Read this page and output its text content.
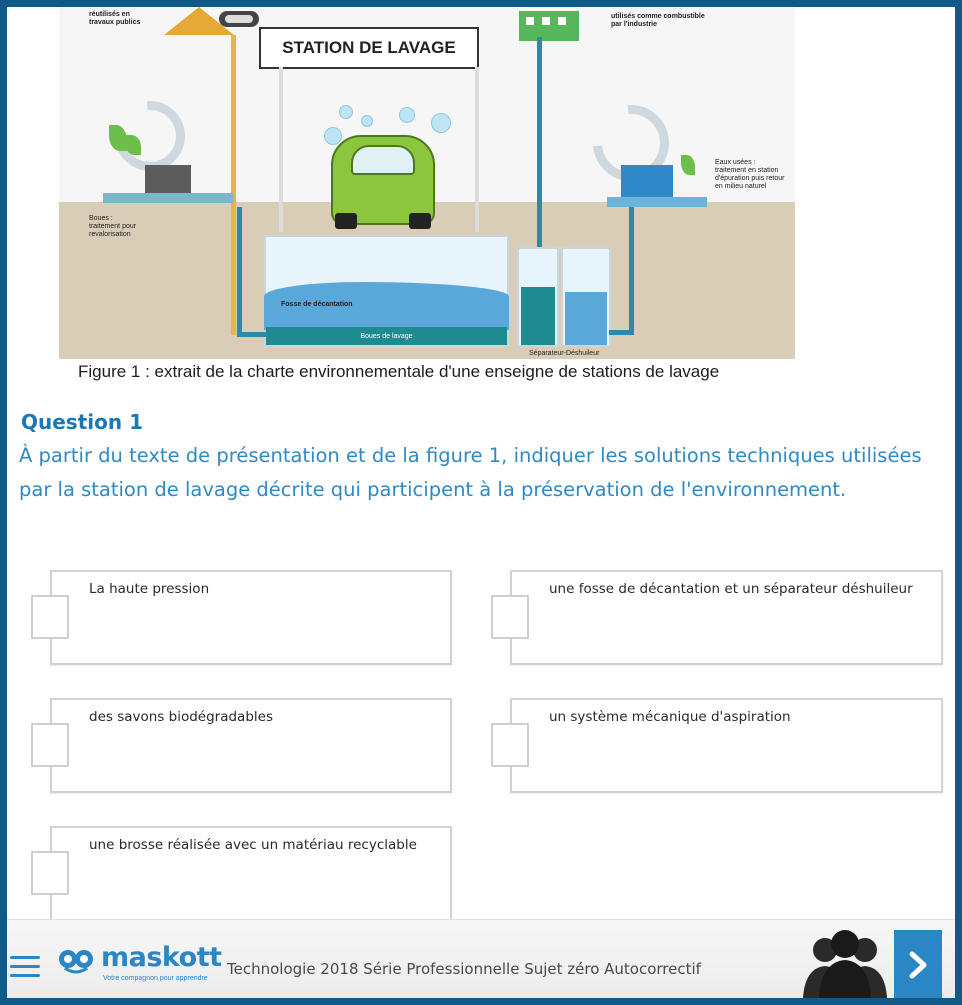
réutilisés en
travaux publics
utilisés comme combustible
par l'industrie
STATION DE LAVAGE
Fosse de décantation
Boues de lavage
Séparateur-Déshuileur
Boues :
traitement pour
revalorisation
Eaux usées :
traitement en station
d'épuration puis retour
en milieu naturel
Figure 1 : extrait de la charte environnementale d'une enseigne de stations de lavage
Question 1
À partir du texte de présentation et de la figure 1, indiquer les solutions techniques utilisées par la station de lavage décrite qui participent à la préservation de l'environnement.
La haute pression	une fosse de décantation et un séparateur déshuileur
des savons biodégradables	un système mécanique d'aspiration
une brosse réalisée avec un matériau recyclable
maskott
Votre compagnon pour apprendre
Technologie 2018 Série Professionnelle Sujet zéro Autocorrectif
